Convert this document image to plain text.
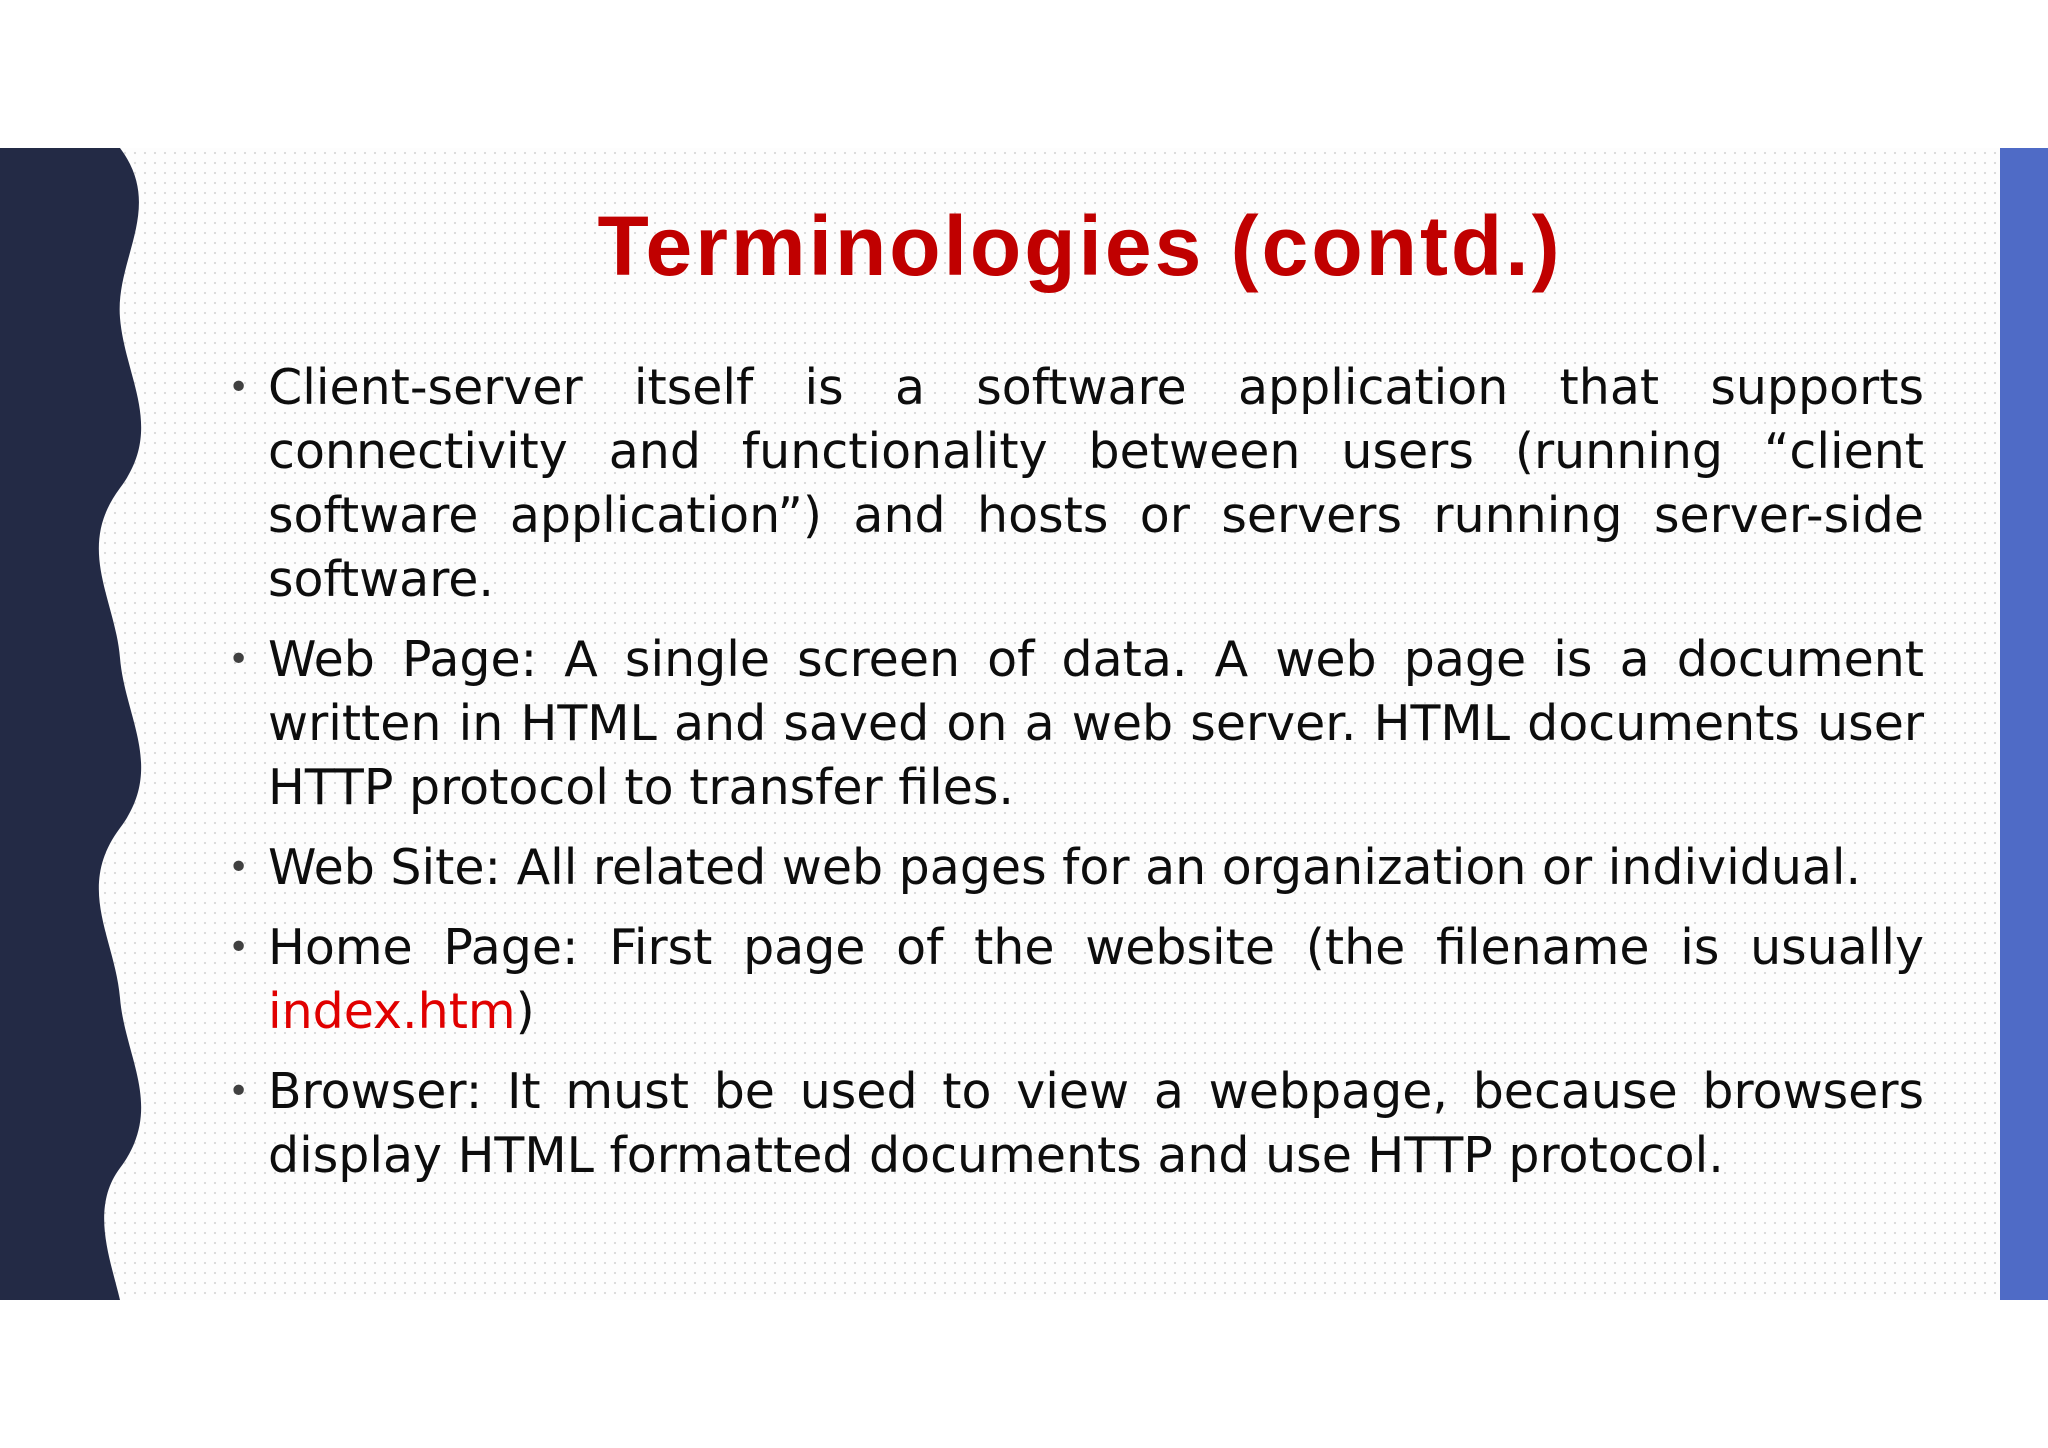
Terminologies (contd.)
• Client-server itself is a software application that supports connectivity and functionality between users (running “client software application”) and hosts or servers running server-side software.
• Web Page: A single screen of data. A web page is a document written in HTML and saved on a web server. HTML documents user HTTP protocol to transfer files.
• Web Site: All related web pages for an organization or individual.
• Home Page: First page of the website (the filename is usually index.htm)
• Browser: It must be used to view a webpage, because browsers display HTML formatted documents and use HTTP protocol.
